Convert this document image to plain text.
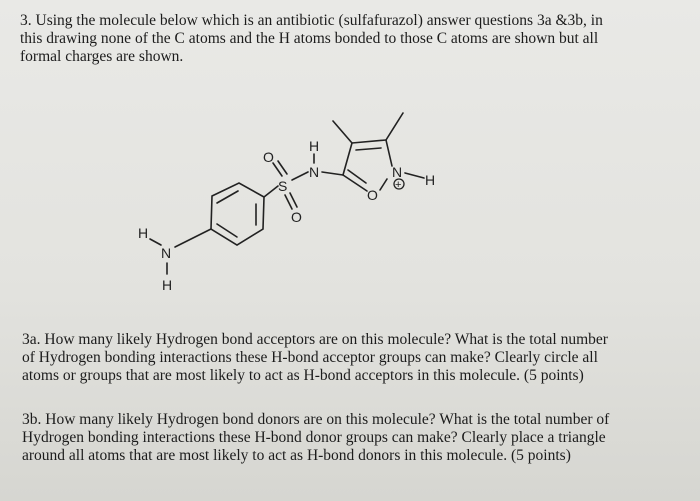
3. Using the molecule below which is an antibiotic (sulfafurazol) answer questions 3a &3b, in

this drawing none of the C atoms and the H atoms bonded to those C atoms are shown but all

formal charges are shown.

H
N
O
S
O
N H
O
+
H
N
H

3a. How many likely Hydrogen bond acceptors are on this molecule? What is the total number

of Hydrogen bonding interactions these H-bond acceptor groups can make? Clearly circle all

atoms or groups that are most likely to act as H-bond acceptors in this molecule. (5 points)

3b. How many likely Hydrogen bond donors are on this molecule? What is the total number of

Hydrogen bonding interactions these H-bond donor groups can make? Clearly place a triangle

around all atoms that are most likely to act as H-bond donors in this molecule. (5 points)
